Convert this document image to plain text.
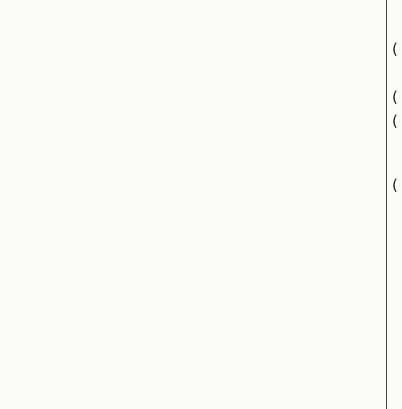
(
(
(
(
